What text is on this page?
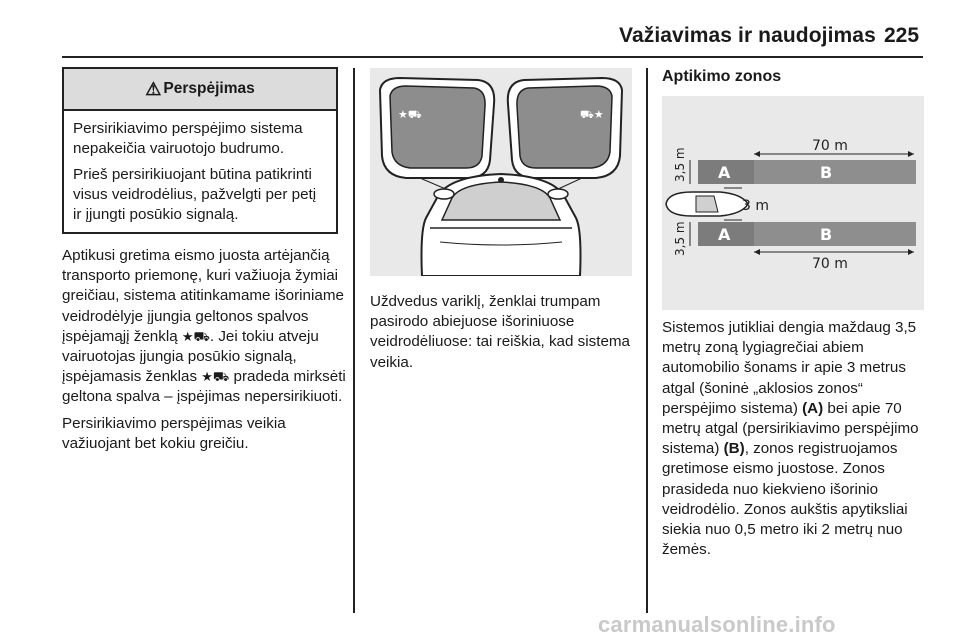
Važiavimas ir naudojimas 225
⚠ Perspėjimas

Persirikiavimo perspėjimo sistema nepakeičia vairuotojo budrumo.

Prieš persirikiuojant būtina patikrinti visus veidrodėlius, pažvelgti per petį ir įjungti posūkio signalą.

Aptikusi gretima eismo juosta artėjančią transporto priemonę, kuri važiuoja žymiai greičiau, sistema atitinkamame išoriniame veidrodėlyje įjungia geltonos spalvos įspėjamąjį ženklą ★⛟. Jei tokiu atveju vairuotojas įjungia posūkio signalą, įspėjamasis ženklas ★⛟ pradeda mirksėti geltona spalva – įspėjimas nepersirikiuoti.

Persirikiavimo perspėjimas veikia važiuojant bet kokiu greičiu.

★⛟	⛟★

Uždvedus variklį, ženklai trumpam pasirodo abiejuose išoriniuose veidrodėliuose: tai reiškia, kad sistema veikia.

Aptikimo zonos
70 m
3,5 m A	B
3 m
A	B
3,5 m
70 m

Sistemos jutikliai dengia maždaug 3,5 metrų zoną lygiagrečiai abiem automobilio šonams ir apie 3 metrus atgal (šoninė „aklosios zonos“ perspėjimo sistema) (A) bei apie 70 metrų atgal (persirikiavimo perspėjimo sistema) (B), zonos registruojamos gretimose eismo juostose. Zonos prasideda nuo kiekvieno išorinio veidrodėlio. Zonos aukštis apytiksliai siekia nuo 0,5 metro iki 2 metrų nuo žemės.

carmanualsonline.info
